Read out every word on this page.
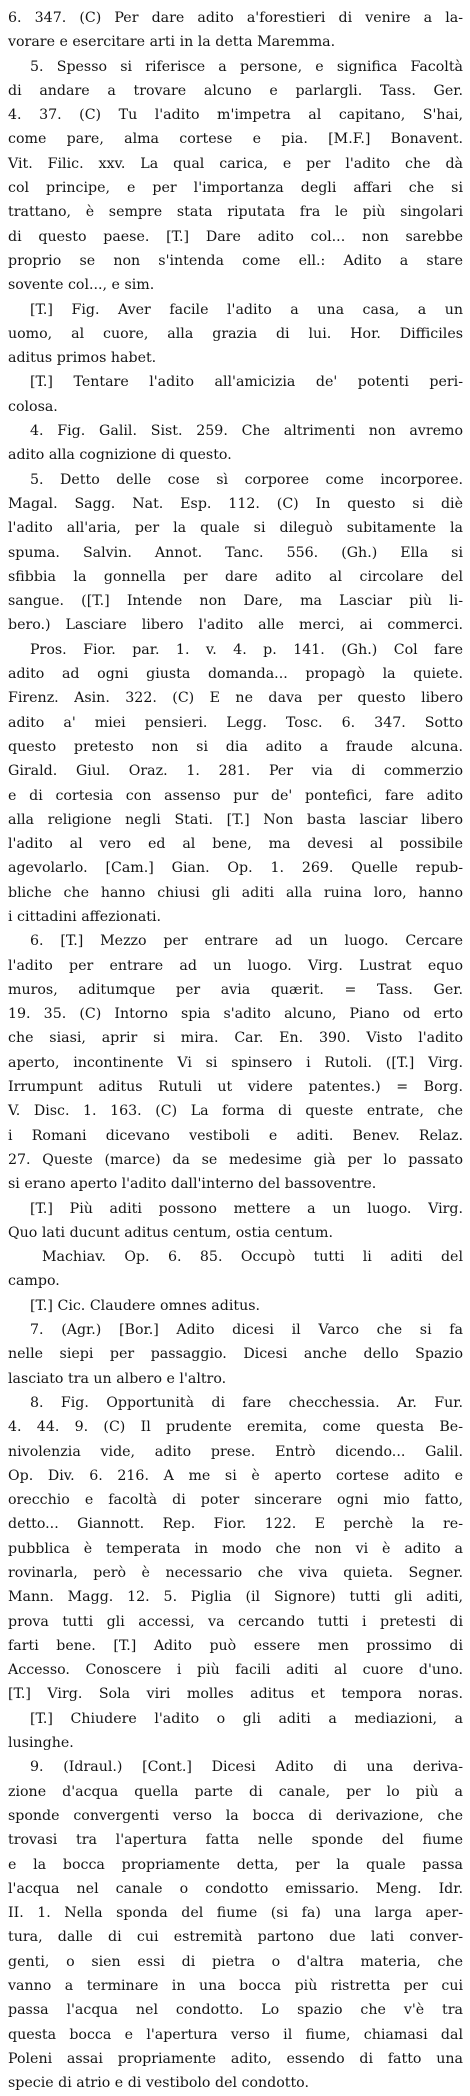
6. 347. (C) Per dare adito a'forestieri di venire a la-
vorare e esercitare arti in la detta Maremma.
5. Spesso si riferisce a persone, e significa Facoltà
di andare a trovare alcuno e parlargli. Tass. Ger.
4. 37. (C) Tu l'adito m'impetra al capitano, S'hai,
come pare, alma cortese e pia. [M.F.] Bonavent.
Vit. Filic. xxv. La qual carica, e per l'adito che dà
col principe, e per l'importanza degli affari che si
trattano, è sempre stata riputata fra le più singolari
di questo paese. [T.] Dare adito col... non sarebbe
proprio se non s'intenda come ell.: Adito a stare
sovente col..., e sim.
[T.] Fig. Aver facile l'adito a una casa, a un
uomo, al cuore, alla grazia di lui. Hor. Difficiles
aditus primos habet.
[T.] Tentare l'adito all'amicizia de' potenti peri-
colosa.
4. Fig. Galil. Sist. 259. Che altrimenti non avremo
adito alla cognizione di questo.
5. Detto delle cose sì corporee come incorporee.
Magal. Sagg. Nat. Esp. 112. (C) In questo si diè
l'adito all'aria, per la quale si dileguò subitamente la
spuma. Salvin. Annot. Tanc. 556. (Gh.) Ella si
sfibbia la gonnella per dare adito al circolare del
sangue. ([T.] Intende non Dare, ma Lasciar più li-
bero.) Lasciare libero l'adito alle merci, ai commerci.
Pros. Fior. par. 1. v. 4. p. 141. (Gh.) Col fare
adito ad ogni giusta domanda... propagò la quiete.
Firenz. Asin. 322. (C) E ne dava per questo libero
adito a' miei pensieri. Legg. Tosc. 6. 347. Sotto
questo pretesto non si dia adito a fraude alcuna.
Girald. Giul. Oraz. 1. 281. Per via di commerzio
e di cortesia con assenso pur de' pontefici, fare adito
alla religione negli Stati. [T.] Non basta lasciar libero
l'adito al vero ed al bene, ma devesi al possibile
agevolarlo. [Cam.] Gian. Op. 1. 269. Quelle repub-
bliche che hanno chiusi gli aditi alla ruina loro, hanno
i cittadini affezionati.
6. [T.] Mezzo per entrare ad un luogo. Cercare
l'adito per entrare ad un luogo. Virg. Lustrat equo
muros, aditumque per avia quærit. = Tass. Ger.
19. 35. (C) Intorno spia s'adito alcuno, Piano od erto
che siasi, aprir si mira. Car. En. 390. Visto l'adito
aperto, incontinente Vi si spinsero i Rutoli. ([T.] Virg.
Irrumpunt aditus Rutuli ut videre patentes.) = Borg.
V. Disc. 1. 163. (C) La forma di queste entrate, che
i Romani dicevano vestiboli e aditi. Benev. Relaz.
27. Queste (marce) da se medesime già per lo passato
si erano aperto l'adito dall'interno del bassoventre.
[T.] Più aditi possono mettere a un luogo. Virg.
Quo lati ducunt aditus centum, ostia centum.
Machiav. Op. 6. 85. Occupò tutti li aditi del
campo.
[T.] Cic. Claudere omnes aditus.
7. (Agr.) [Bor.] Adito dicesi il Varco che si fa
nelle siepi per passaggio. Dicesi anche dello Spazio
lasciato tra un albero e l'altro.
8. Fig. Opportunità di fare checchessia. Ar. Fur.
4. 44. 9. (C) Il prudente eremita, come questa Be-
nivolenzia vide, adito prese. Entrò dicendo... Galil.
Op. Div. 6. 216. A me si è aperto cortese adito e
orecchio e facoltà di poter sincerare ogni mio fatto,
detto... Giannott. Rep. Fior. 122. E perchè la re-
pubblica è temperata in modo che non vi è adito a
rovinarla, però è necessario che viva quieta. Segner.
Mann. Magg. 12. 5. Piglia (il Signore) tutti gli aditi,
prova tutti gli accessi, va cercando tutti i pretesti di
farti bene. [T.] Adito può essere men prossimo di
Accesso. Conoscere i più facili aditi al cuore d'uno.
[T.] Virg. Sola viri molles aditus et tempora noras.
[T.] Chiudere l'adito o gli aditi a mediazioni, a
lusinghe.
9. (Idraul.) [Cont.] Dicesi Adito di una deriva-
zione d'acqua quella parte di canale, per lo più a
sponde convergenti verso la bocca di derivazione, che
trovasi tra l'apertura fatta nelle sponde del fiume
e la bocca propriamente detta, per la quale passa
l'acqua nel canale o condotto emissario. Meng. Idr.
II. 1. Nella sponda del fiume (si fa) una larga aper-
tura, dalle di cui estremità partono due lati conver-
genti, o sien essi di pietra o d'altra materia, che
vanno a terminare in una bocca più ristretta per cui
passa l'acqua nel condotto. Lo spazio che v'è tra
questa bocca e l'apertura verso il fiume, chiamasi dal
Poleni assai propriamente adito, essendo di fatto una
specie di atrio e di vestibolo del condotto.
